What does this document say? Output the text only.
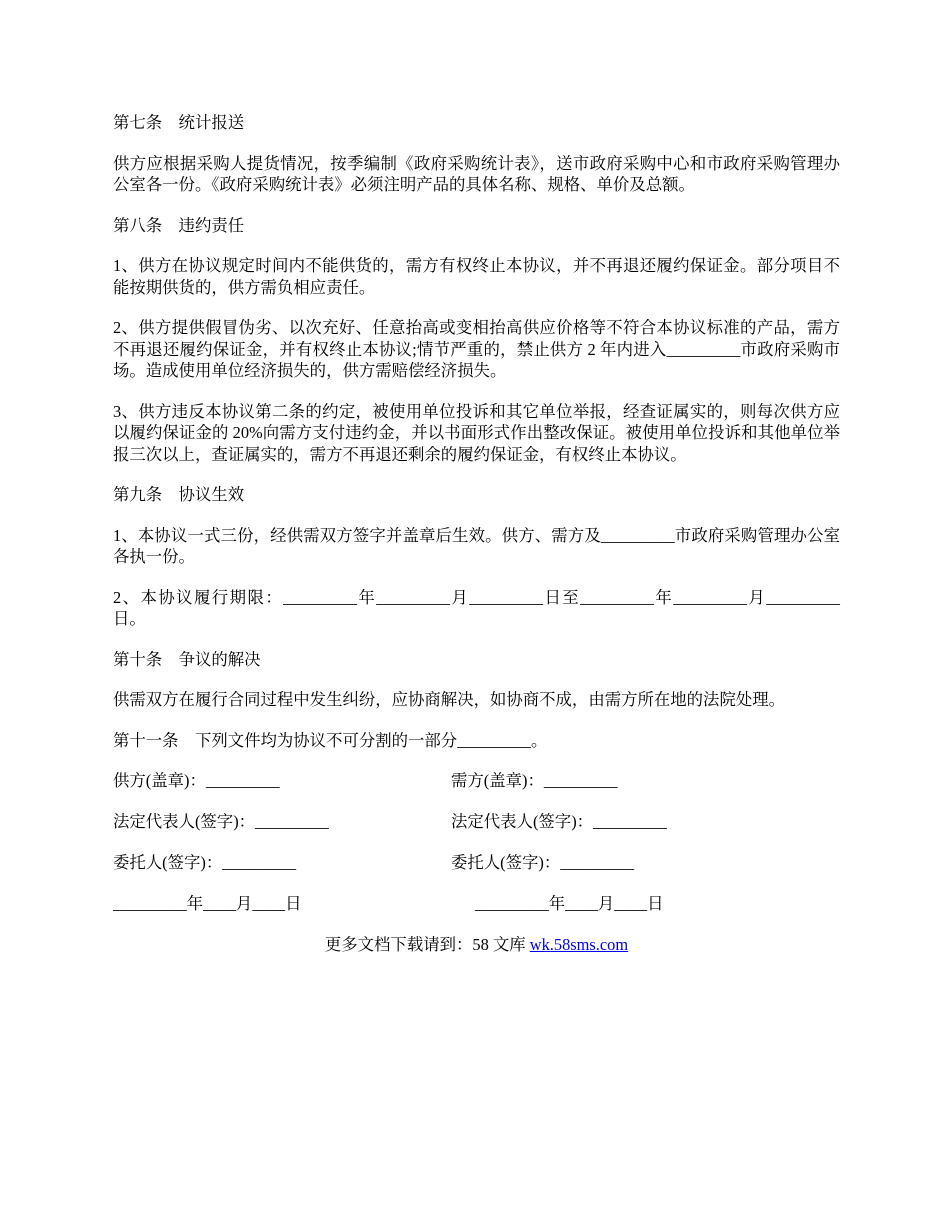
第七条　统计报送
供方应根据采购人提货情况，按季编制《政府采购统计表》，送市政府采购中心和市政府采购管理办公室各一份。《政府采购统计表》必须注明产品的具体名称、规格、单价及总额。
第八条　违约责任
1、供方在协议规定时间内不能供货的，需方有权终止本协议，并不再退还履约保证金。部分项目不能按期供货的，供方需负相应责任。
2、供方提供假冒伪劣、以次充好、任意抬高或变相抬高供应价格等不符合本协议标准的产品，需方不再退还履约保证金，并有权终止本协议;情节严重的，禁止供方 2 年内进入_________市政府采购市场。造成使用单位经济损失的，供方需赔偿经济损失。
3、供方违反本协议第二条的约定，被使用单位投诉和其它单位举报，经查证属实的，则每次供方应以履约保证金的 20%向需方支付违约金，并以书面形式作出整改保证。被使用单位投诉和其他单位举报三次以上，查证属实的，需方不再退还剩余的履约保证金，有权终止本协议。
第九条　协议生效
1、本协议一式三份，经供需双方签字并盖章后生效。供方、需方及_________市政府采购管理办公室各执一份。
2、本协议履行期限：_________年_________月_________日至_________年_________月_________日。
第十条　争议的解决
供需双方在履行合同过程中发生纠纷，应协商解决，如协商不成，由需方所在地的法院处理。
第十一条　下列文件均为协议不可分割的一部分_________。
供方(盖章)：_________	需方(盖章)：_________
法定代表人(签字)：_________	法定代表人(签字)：_________
委托人(签字)：_________	委托人(签字)：_________
_________年____月____日	_________年____月____日
更多文档下载请到：58 文库 wk.58sms.com
